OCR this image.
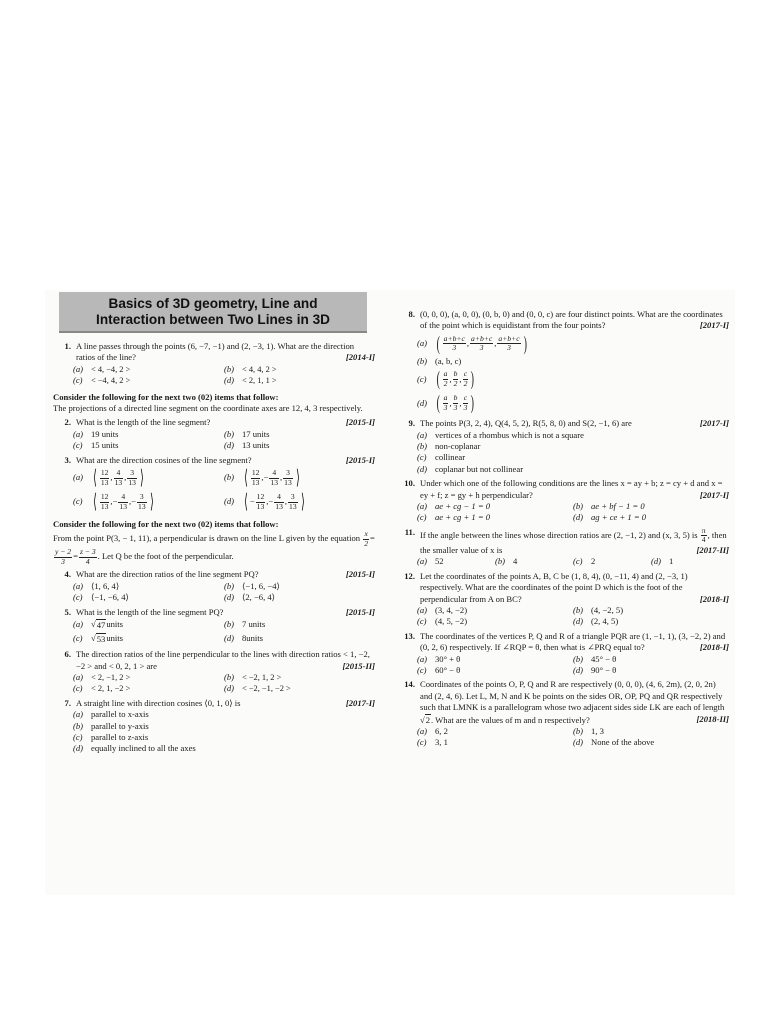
Basics of 3D geometry, Line and
Interaction between Two Lines in 3D
1. A line passes through the points (6, −7, −1) and (2, −3, 1). What are the direction ratios of the line?	[2014-I]
(a) < 4, −4, 2 >	(b) < 4, 4, 2 >
(c)	< −4, 4, 2 >	(d) < 2, 1, 1 >
Consider the following for the next two (02) items that follow:
The projections of a directed line segment on the coordinate axes are 12, 4, 3 respectively.
2. What is the length of the line segment?	[2015-I]
(a) 19 units	(b) 17 units
(c) 15 units	(d) 13 units
3. What are the direction cosines of the line segment?	[2015-I]
(a) ⟨ $\frac{12}{13}$ , $\frac{4}{13}$ , $\frac{3}{13}$ ⟩	(b) ⟨ $\frac{12}{13}$ , − $\frac{4}{13}$ , $\frac{3}{13}$ ⟩
(c) ⟨ $\frac{12}{13}$ , − $\frac{4}{13}$ , − $\frac{3}{13}$ ⟩	(d) ⟨ − $\frac{12}{13}$ , − $\frac{4}{13}$ , $\frac{3}{13}$ ⟩
Consider the following for the next two (02) items that follow:
From the point P(3, − 1, 11), a perpendicular is drawn on the line L given by the equation $\frac{x}{2}$ =
$\frac{y - 2}{3} = \frac{z - 3}{4}$ . Let Q be the foot of the perpendicular.
4. What are the direction ratios of the line segment PQ?	[2015-I]
(a) ⟨1, 6, 4⟩	(b) ⟨−1, 6, −4⟩
(c) ⟨−1, −6, 4⟩	(d) ⟨2, −6, 4⟩
5. What is the length of the line segment PQ?	[2015-I]
(a) √ 47 units	(b) 7 units
(c) √ 53 units	(d) 8units
6. The direction ratios of the line perpendicular to the lines with direction ratios < 1, −2, −2 > and < 0, 2, 1 > are	[2015-II]
(a) < 2, −1, 2 >	(b) < −2, 1, 2 >
(c)	< 2, 1, −2 >	(d) < −2, −1, −2 >
7. A straight line with direction cosines ⟨0, 1, 0⟩ is	[2017-I]
(a) parallel to x-axis
(b) parallel to y-axis
(c) parallel to z-axis
(d) equally inclined to all the axes
8. (0, 0, 0), (a, 0, 0), (0, b, 0) and (0, 0, c) are four distinct points. What are the coordinates of the point which is equidistant from the four points?	[2017-I]
(a) ( $\frac{a+b+c}{3}$ , $\frac{a+b+c}{3}$ , $\frac{a+b+c}{3}$ )
(b) (a, b, c)
(c) ( $\frac{a}{2}$ , $\frac{b}{2}$ , $\frac{c}{2}$ )
(d) ( $\frac{a}{3}$ , $\frac{b}{3}$ , $\frac{c}{3}$ )
9. The points P(3, 2, 4), Q(4, 5, 2), R(5, 8, 0) and S(2, −1, 6) are	[2017-I]
(a) vertices of a rhombus which is not a square
(b) non-coplanar
(c) collinear
(d) coplanar but not collinear
10. Under which one of the following conditions are the lines x = ay + b; z = cy + d and x = ey + f; z = gy + h perpendicular?	[2017-I]
(a) ae + cg − 1 = 0	(b) ae + bf − 1 = 0
(c) ae + cg + 1 = 0	(d) ag + ce + 1 = 0
11. If the angle between the lines whose direction ratios are (2, −1, 2) and (x, 3, 5) is $\frac{\pi}{4}$ , then the smaller value of x is	[2017-II]
(a) 52	(b) 4	(c) 2	(d) 1
12. Let the coordinates of the points A, B, C be (1, 8, 4), (0, −11, 4) and (2, −3, 1) respectively. What are the coordinates of the point D which is the foot of the perpendicular from A on BC?	[2018-I]
(a) (3, 4, −2)	(b) (4, −2, 5)
(c) (4, 5, −2)	(d) (2, 4, 5)
13. The coordinates of the vertices P, Q and R of a triangle PQR are (1, −1, 1), (3, −2, 2) and (0, 2, 6) respectively. If ∠RQP = θ, then what is ∠PRQ equal to?	[2018-I]
(a) 30° + θ	(b) 45° − θ
(c) 60° − θ	(d) 90° − θ
14. Coordinates of the points O, P, Q and R are respectively (0, 0, 0), (4, 6, 2m), (2, 0, 2n) and (2, 4, 6). Let L, M, N and K be points on the sides OR, OP, PQ and QR respectively such that LMNK is a parallelogram whose two adjacent sides side LK are each of length √2. What are the values of m and n respectively?	[2018-II]
(a) 6, 2	(b) 1, 3
(c) 3, 1	(d) None of the above
